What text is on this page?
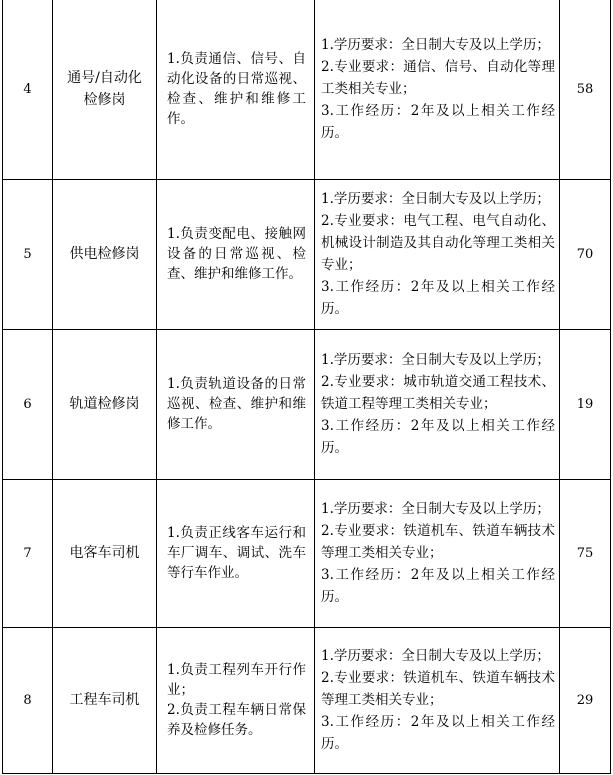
4	通号/自动化检修岗	1.负责通信、信号、自动化设备的日常巡视、检查、维护和维修工作。	1.学历要求：全日制大专及以上学历；
2.专业要求：通信、信号、自动化等理工类相关专业；
3.工作经历：2年及以上相关工作经历。	58
5	供电检修岗	1.负责变配电、接触网设备的日常巡视、检查、维护和维修工作。	1.学历要求：全日制大专及以上学历；
2.专业要求：电气工程、电气自动化、机械设计制造及其自动化等理工类相关专业；
3.工作经历：2年及以上相关工作经历。	70
6	轨道检修岗	1.负责轨道设备的日常巡视、检查、维护和维修工作。	1.学历要求：全日制大专及以上学历；
2.专业要求：城市轨道交通工程技术、铁道工程等理工类相关专业；
3.工作经历：2年及以上相关工作经历。	19
7	电客车司机	1.负责正线客车运行和车厂调车、调试、洗车等行车作业。	1.学历要求：全日制大专及以上学历；
2.专业要求：铁道机车、铁道车辆技术等理工类相关专业；
3.工作经历：2年及以上相关工作经历。	75
8	工程车司机	1.负责工程列车开行作业；
2.负责工程车辆日常保养及检修任务。	1.学历要求：全日制大专及以上学历；
2.专业要求：铁道机车、铁道车辆技术等理工类相关专业；
3.工作经历：2年及以上相关工作经历。	29
